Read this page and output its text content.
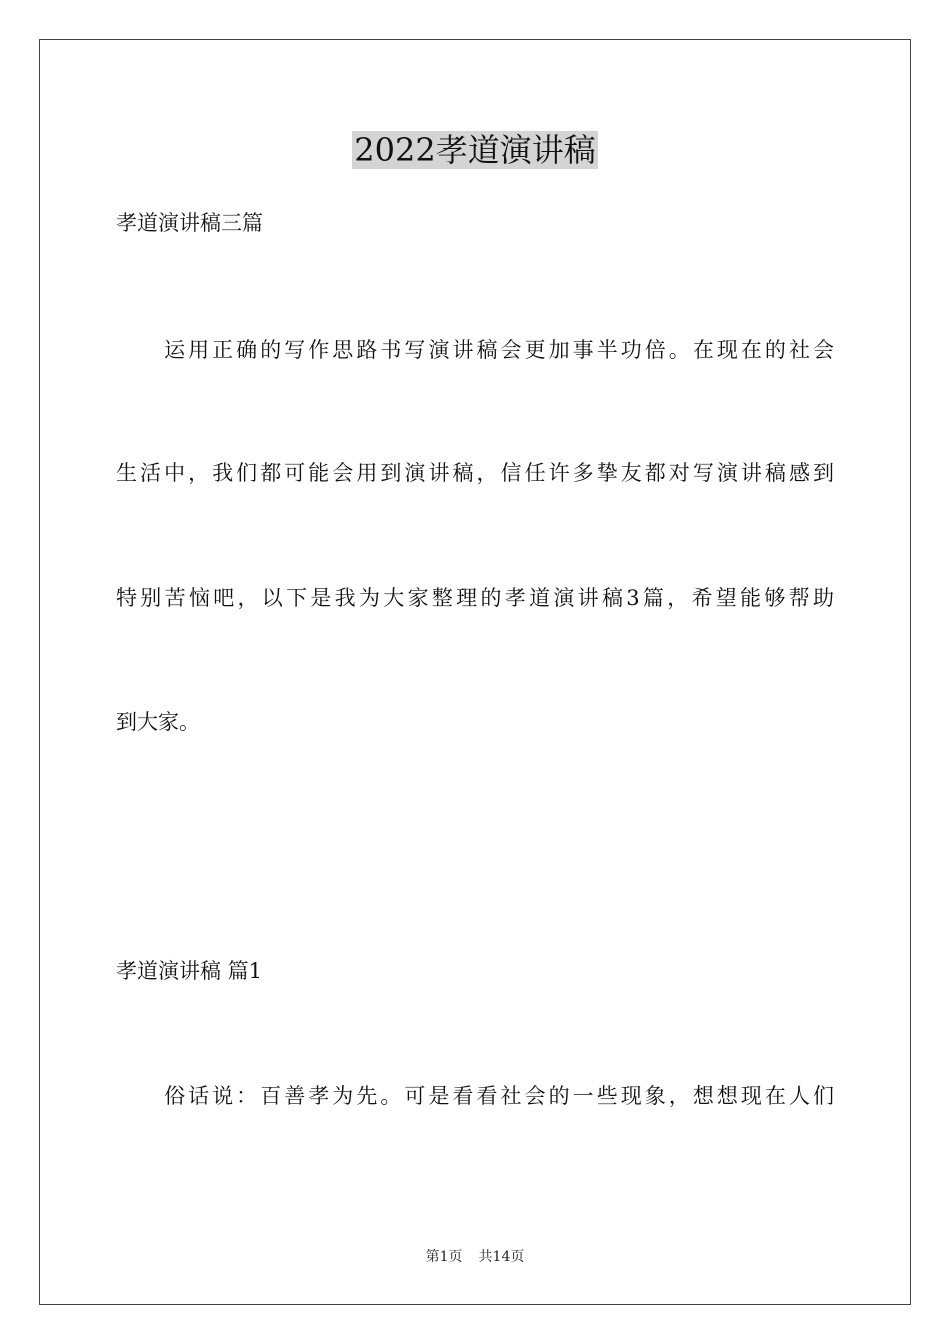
2022孝道演讲稿

孝道演讲稿三篇

　　运用正确的写作思路书写演讲稿会更加事半功倍。在现在的社会

生活中，我们都可能会用到演讲稿，信任许多挚友都对写演讲稿感到

特别苦恼吧，以下是我为大家整理的孝道演讲稿3篇，希望能够帮助

到大家。

孝道演讲稿 篇1

　　俗话说：百善孝为先。可是看看社会的一些现象，想想现在人们

第1页 共14页
